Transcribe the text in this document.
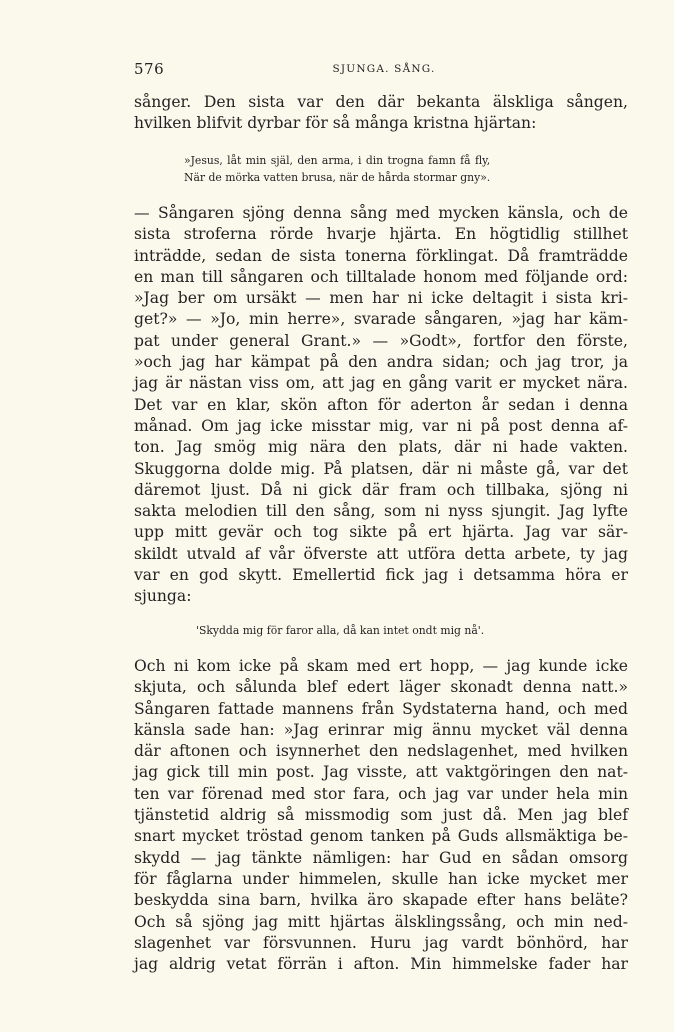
576	SJUNGA. SÅNG.
sånger. Den sista var den där bekanta älskliga sången,
hvilken blifvit dyrbar för så många kristna hjärtan:
»Jesus, låt min själ, den arma, i din trogna famn få fly,
När de mörka vatten brusa, när de hårda stormar gny».
— Sångaren sjöng denna sång med mycken känsla, och de
sista stroferna rörde hvarje hjärta. En högtidlig stillhet
inträdde, sedan de sista tonerna förklingat. Då framträdde
en man till sångaren och tilltalade honom med följande ord:
»Jag ber om ursäkt — men har ni icke deltagit i sista kri-
get?» — »Jo, min herre», svarade sångaren, »jag har käm-
pat under general Grant.» — »Godt», fortfor den förste,
»och jag har kämpat på den andra sidan; och jag tror, ja
jag är nästan viss om, att jag en gång varit er mycket nära.
Det var en klar, skön afton för aderton år sedan i denna
månad. Om jag icke misstar mig, var ni på post denna af-
ton. Jag smög mig nära den plats, där ni hade vakten.
Skuggorna dolde mig. På platsen, där ni måste gå, var det
däremot ljust. Då ni gick där fram och tillbaka, sjöng ni
sakta melodien till den sång, som ni nyss sjungit. Jag lyfte
upp mitt gevär och tog sikte på ert hjärta. Jag var sär-
skildt utvald af vår öfverste att utföra detta arbete, ty jag
var en god skytt. Emellertid fick jag i detsamma höra er
sjunga:
'Skydda mig för faror alla, då kan intet ondt mig nå'.
Och ni kom icke på skam med ert hopp, — jag kunde icke
skjuta, och sålunda blef edert läger skonadt denna natt.»
Sångaren fattade mannens från Sydstaterna hand, och med
känsla sade han: »Jag erinrar mig ännu mycket väl denna
där aftonen och isynnerhet den nedslagenhet, med hvilken
jag gick till min post. Jag visste, att vaktgöringen den nat-
ten var förenad med stor fara, och jag var under hela min
tjänstetid aldrig så missmodig som just då. Men jag blef
snart mycket tröstad genom tanken på Guds allsmäktiga be-
skydd — jag tänkte nämligen: har Gud en sådan omsorg
för fåglarna under himmelen, skulle han icke mycket mer
beskydda sina barn, hvilka äro skapade efter hans beläte?
Och så sjöng jag mitt hjärtas älsklingssång, och min ned-
slagenhet var försvunnen. Huru jag vardt bönhörd, har
jag aldrig vetat förrän i afton. Min himmelske fader har
